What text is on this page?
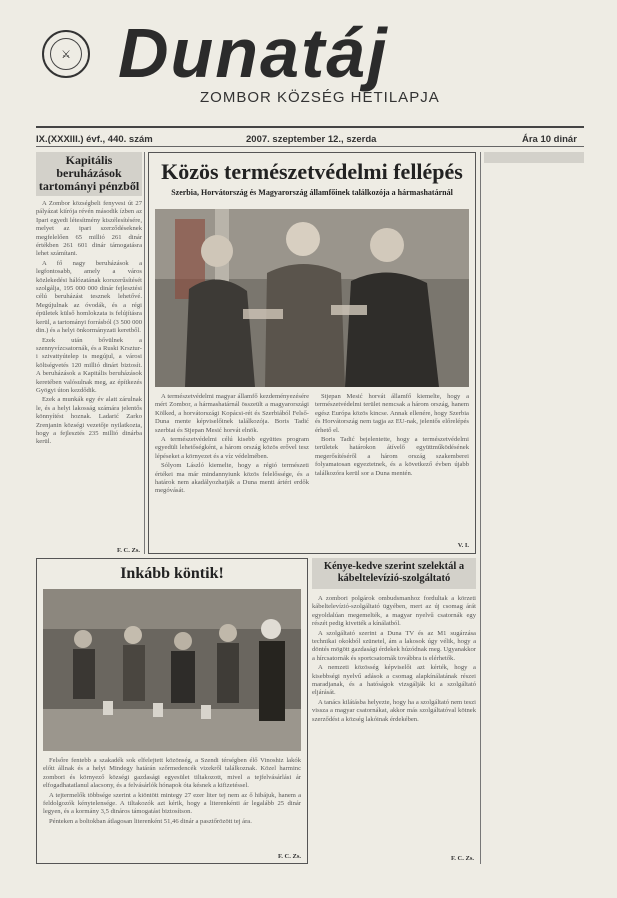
⚔ Dunatáj
ZOMBOR KÖZSÉG HETILAPJA
IX.(XXXIII.) évf., 440. szám	2007. szeptember 12., szerda	Ára 10 dinár
Kapitális beruházások tartományi pénzből

A Zombor községbeli fenyvesi út 27 pályázat kiírója révén második ízben az Ipari egyedi létesítmény kiszélesítésére, melyet az ipari szerződéseknek megfelelően 65 millió 261 dinár értékben 261 601 dinár támogatásra lehet számítani.

A fő nagy beruházások a legfontosabb, amely a város közlekedési hálózatának korszerűsítését szolgálja, 195 000 000 dinár fejlesztési célú beruházást tesznek lehetővé. Megújulnak az óvodák, és a régi épületek külső homlokzata is felújításra kerül, a tartományi forrásból (3 500 000 din.) és a helyi önkormányzati keretből.

Ezek után bővülnek a szennyvízcsatornák, és a Ruski Krsztur-i szivattyútelep is megújul, a városi költségvetés 120 millió dinárt biztosít. A beruházások a Kapitális beruházások keretében valósulnak meg, az építkezés Gyögyi úton kezdődik.

Ezek a munkák egy év alatt zárulnak le, és a helyi lakosság számára jelentős könnyítést hoznak. Ladarić Zarko Zrenjanin községi vezetője nyilatkozta, hogy a fejlesztés 235 millió dinárba kerül.

F. C. Zs.
Közös természetvédelmi fellépés
Szerbia, Horvátország és Magyarország államfőinek találkozója a hármashatárnál

A természetvédelmi magyar államfő kezdeményezésére mért Zombor, a hármashatárnál összeült a magyarországi Kölked, a horvátországi Kopácsi-rét és Szerbiából Felső-Duna mente képviselőinek találkozója. Boris Tadić szerbiai és Stjepan Mesić horvát elnök.

A természetvédelmi célú kisebb együttes program egyedüli lehetőségként, a három ország közös erővel tesz lépéseket a környezet és a víz védelmében.

Sólyom László kiemelte, hogy a régió természeti értékei ma már mindannyiunk közös felelőssége, és a határok nem akadályozhatják a Duna menti ártéri erdők megóvását.

Stjepan Mesić horvát államfő kiemelte, hogy a természetvédelmi terület nemcsak a három ország, hanem egész Európa közös kincse. Annak ellenére, hogy Szerbia és Horvátország nem tagja az EU-nak, jelentős előrelépés érhető el.

Boris Tadić bejelentette, hogy a természetvédelmi területek határokon átívelő együttműködésének megerősítéséről a három ország szakemberei folyamatosan egyeztetnek, és a következő évben újabb találkozóra kerül sor a Duna mentén.

V. I.

Inkább köntik!

Felsőre fentebb a szakadék sok elfelejtett közönség, a Szendi térségben élő Vinoshiz lakók előtt állnak és a helyi Mindegy határán szőrmedencék vizekről találkoznak. Közel harminc zombori és környező községi gazdasági egyesület tiltakozott, mivel a tejfelvásárlási ár elfogadhatatlanul alacsony, és a felvásárlók hónapok óta késnek a kifizetéssel.

A tejtermelők többsége szerint a kiöntött mintegy 27 ezer liter tej nem az ő hibájuk, hanem a feldolgozók kénytelensége. A tiltakozók azt kérik, hogy a literenkénti ár legalább 25 dinár legyen, és a kormány 3,5 dináros támogatást biztosítson.

Pénteken a boltokban átlagosan literenként 51,46 dinár a pasztőrözött tej ára.

F. C. Zs.
Kénye-kedve szerint szelektál a kábeltelevízió-szolgáltató

A zombori polgárok ombudsmanhoz fordultak a körzeti kábeltelevízió-szolgáltató ügyében, mert az új csomag árát egyoldalúan megemelték, a magyar nyelvű csatornák egy részét pedig kivették a kínálatból.

A szolgáltató szerint a Duna TV és az M1 sugárzása technikai okokból szünetel, ám a lakosok úgy vélik, hogy a döntés mögött gazdasági érdekek húzódnak meg. Ugyanakkor a hírcsatornák és sportcsatornák továbbra is elérhetők.

A nemzeti közösség képviselői azt kérték, hogy a kisebbségi nyelvű adások a csomag alapkínálatának részei maradjanak, és a hatóságok vizsgálják ki a szolgáltató eljárását.

A tanács kilátásba helyezte, hogy ha a szolgáltató nem teszi vissza a magyar csatornákat, akkor más szolgáltatóval kötnek szerződést a község lakóinak érdekében.

F. C. Zs.
